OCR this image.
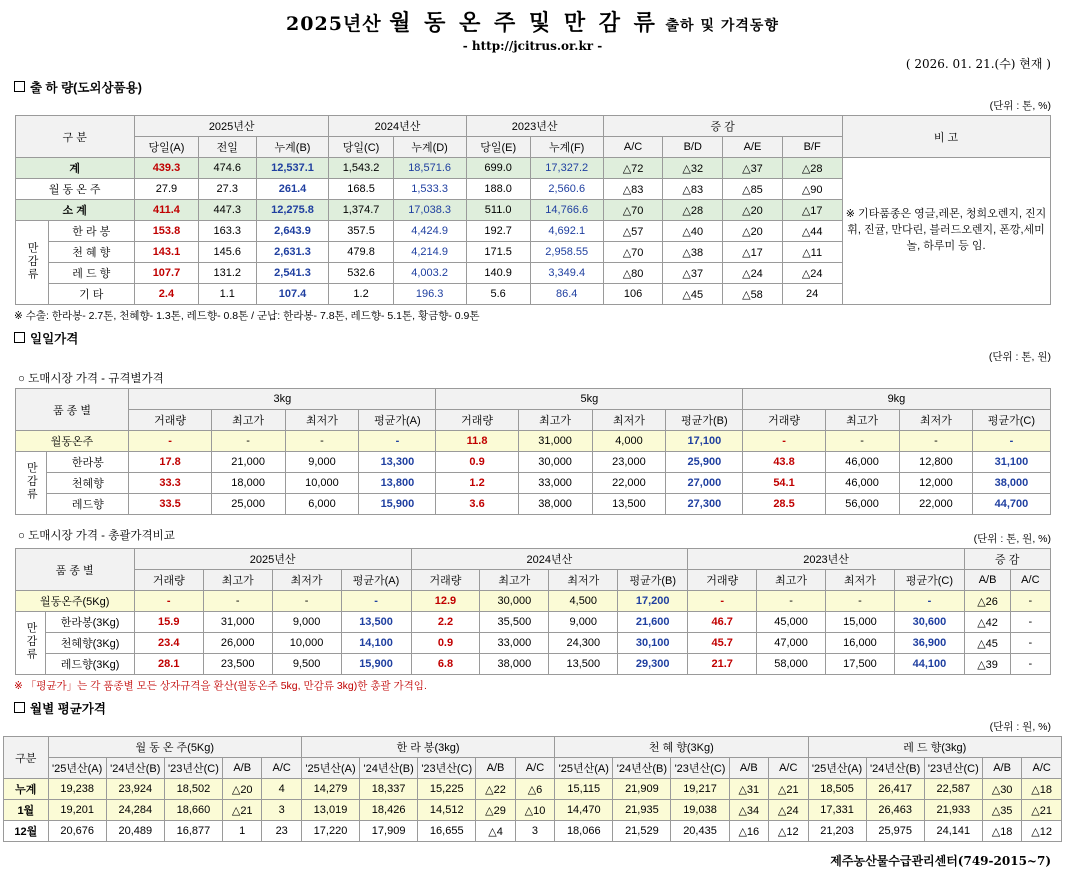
2025년산 월 동 온 주 및 만 감 류 출하 및 가격동향
- http://jcitrus.or.kr -
( 2026. 01. 21.(수) 현재 )
출 하 량(도외상품용)
(단위 : 톤, %)
구 분		2025년산			2024년산		2023년산		증 감				비 고
		당일(A)	전일	누계(B)	당일(C)	누계(D)	당일(E)	누계(F)	A/C	B/D	A/E	B/F	
계		439.3	474.6	12,537.1	1,543.2	18,571.6	699.0	17,327.2	△72	△32	△37	△28	※ 기타품종은 영글,레몬, 청희오렌지, 진지휘, 진귤, 만다린, 블러드오렌지, 폰깡,세미놀, 하루미 등 임.
월 동 온 주		27.9	27.3	261.4	168.5	1,533.3	188.0	2,560.6	△83	△83	△85	△90	
소 계		411.4	447.3	12,275.8	1,374.7	17,038.3	511.0	14,766.6	△70	△28	△20	△17	
만감류	한 라 봉	153.8	163.3	2,643.9	357.5	4,424.9	192.7	4,692.1	△57	△40	△20	△44	
	천 혜 향	143.1	145.6	2,631.3	479.8	4,214.9	171.5	2,958.55	△70	△38	△17	△11	
	레 드 향	107.7	131.2	2,541.3	532.6	4,003.2	140.9	3,349.4	△80	△37	△24	△24	
	기 타	2.4	1.1	107.4	1.2	196.3	5.6	86.4	106	△45	△58	24	
※ 수출: 한라봉- 2.7톤, 천혜향- 1.3톤, 레드향- 0.8톤 / 군납: 한라봉- 7.8톤, 레드향- 5.1톤, 황금향- 0.9톤
일일가격
(단위 : 톤, 원)
○ 도매시장 가격 - 규격별가격
품 종 별		3kg				5kg				9kg			
		거래량	최고가	최저가	평균가(A)	거래량	최고가	최저가	평균가(B)	거래량	최고가	최저가	평균가(C)
월동온주		-	-	-	-	11.8	31,000	4,000	17,100	-	-	-	-
만감류	한라봉	17.8	21,000	9,000	13,300	0.9	30,000	23,000	25,900	43.8	46,000	12,800	31,100
	천혜향	33.3	18,000	10,000	13,800	1.2	33,000	22,000	27,000	54.1	46,000	12,000	38,000
	레드향	33.5	25,000	6,000	15,900	3.6	38,000	13,500	27,300	28.5	56,000	22,000	44,700
○ 도매시장 가격 - 총괄가격비교	(단위 : 톤, 원, %)
품 종 별		2025년산				2024년산				2023년산				증 감	
		거래량	최고가	최저가	평균가(A)	거래량	최고가	최저가	평균가(B)	거래량	최고가	최저가	평균가(C)	A/B	A/C
월동온주(5Kg)		-	-	-	-	12.9	30,000	4,500	17,200	-	-	-	-	△26	-
만감류	한라봉(3Kg)	15.9	31,000	9,000	13,500	2.2	35,500	9,000	21,600	46.7	45,000	15,000	30,600	△42	-
	천혜향(3Kg)	23.4	26,000	10,000	14,100	0.9	33,000	24,300	30,100	45.7	47,000	16,000	36,900	△45	-
	레드향(3Kg)	28.1	23,500	9,500	15,900	6.8	38,000	13,500	29,300	21.7	58,000	17,500	44,100	△39	-
※ 「평균가」는 각 품종별 모든 상자규격을 환산(월동온주 5kg, 만감류 3kg)한 총괄 가격임.
월별 평균가격
(단위 : 원, %)
구분	월 동 온 주(5Kg)					한 라 봉(3kg)					천 혜 향(3Kg)					레 드 향(3kg)				
	'25년산(A)	'24년산(B)	'23년산(C)	A/B	A/C	'25년산(A)	'24년산(B)	'23년산(C)	A/B	A/C	'25년산(A)	'24년산(B)	'23년산(C)	A/B	A/C	'25년산(A)	'24년산(B)	'23년산(C)	A/B	A/C
누계	19,238	23,924	18,502	△20	4	14,279	18,337	15,225	△22	△6	15,115	21,909	19,217	△31	△21	18,505	26,417	22,587	△30	△18
1월	19,201	24,284	18,660	△21	3	13,019	18,426	14,512	△29	△10	14,470	21,935	19,038	△34	△24	17,331	26,463	21,933	△35	△21
12월	20,676	20,489	16,877	1	23	17,220	17,909	16,655	△4	3	18,066	21,529	20,435	△16	△12	21,203	25,975	24,141	△18	△12
제주농산물수급관리센터(749-2015~7)
